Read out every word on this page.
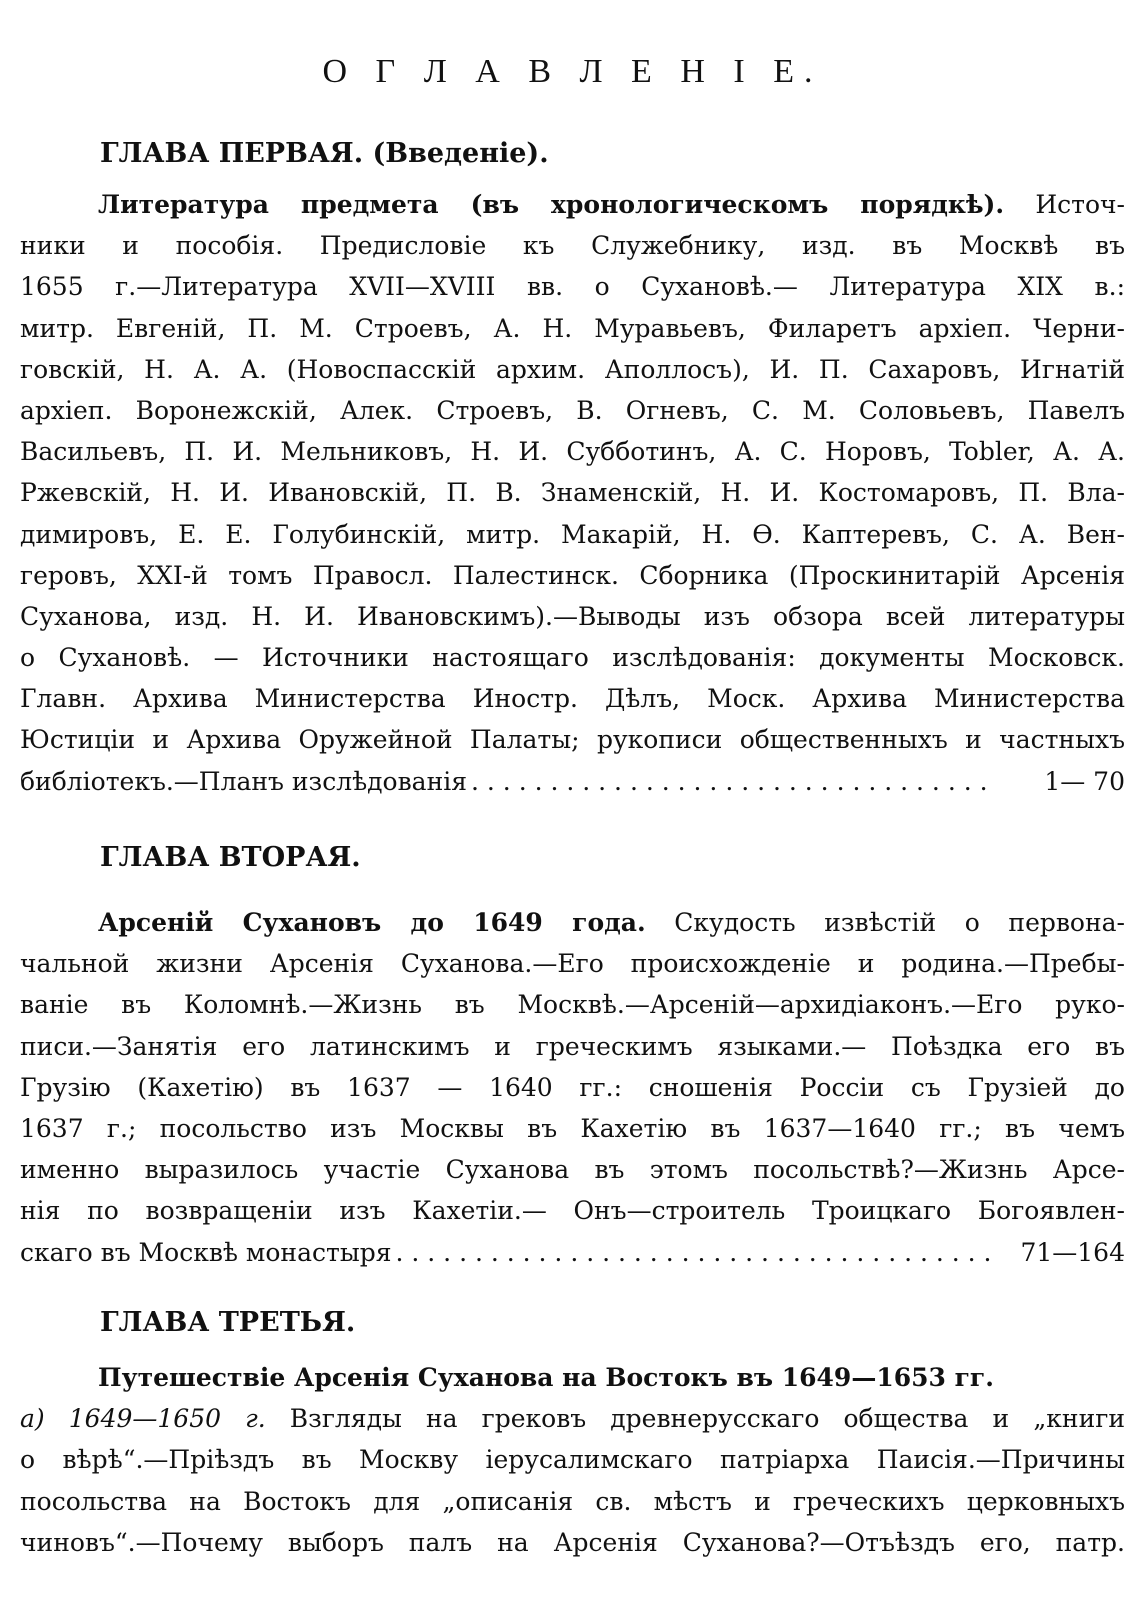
О Г Л А В Л Е Н І Е.
ГЛАВА ПЕРВАЯ. (Введеніе).
Литература предмета (въ хронологическомъ порядкѣ). Источ-
ники и пособія. Предисловіе къ Служебнику, изд. въ Москвѣ въ
1655 г.—Литература XVII—XVIII вв. о Сухановѣ.— Литература XIX в.:
митр. Евгеній, П. М. Строевъ, А. Н. Муравьевъ, Филаретъ архіеп. Черни-
говскій, Н. А. А. (Новоспасскій архим. Аполлосъ), И. П. Сахаровъ, Игнатій
архіеп. Воронежскій, Алек. Строевъ, В. Огневъ, С. М. Соловьевъ, Павелъ
Васильевъ, П. И. Мельниковъ, Н. И. Субботинъ, А. С. Норовъ, Tobler, А. А.
Ржевскій, Н. И. Ивановскій, П. В. Знаменскій, Н. И. Костомаровъ, П. Вла-
димировъ, Е. Е. Голубинскій, митр. Макарій, Н. Ѳ. Каптеревъ, С. А. Вен-
геровъ, XXI-й томъ Правосл. Палестинск. Сборника (Проскинитарій Арсенія
Суханова, изд. Н. И. Ивановскимъ).—Выводы изъ обзора всей литературы
о Сухановѣ. — Источники настоящаго изслѣдованія: документы Московск.
Главн. Архива Министерства Иностр. Дѣлъ, Моск. Архива Министерства
Юстиціи и Архива Оружейной Палаты; рукописи общественныхъ и частныхъ
библіотекъ.—Планъ изслѣдованія . . .	1— 70
ГЛАВА ВТОРАЯ.
Арсеній Сухановъ до 1649 года. Скудость извѣстій о первона-
чальной жизни Арсенія Суханова.—Его происхожденіе и родина.—Пребы-
ваніе въ Коломнѣ.—Жизнь въ Москвѣ.—Арсеній—архидіаконъ.—Его руко-
писи.—Занятія его латинскимъ и греческимъ языками.— Поѣздка его въ
Грузію (Кахетію) въ 1637 — 1640 гг.: сношенія Россіи съ Грузіей до
1637 г.; посольство изъ Москвы въ Кахетію въ 1637—1640 гг.; въ чемъ
именно выразилось участіе Суханова въ этомъ посольствѣ?—Жизнь Арсе-
нія по возвращеніи изъ Кахетіи.— Онъ—строитель Троицкаго Богоявлен-
скаго въ Москвѣ монастыря . . .	71—164
ГЛАВА ТРЕТЬЯ.
Путешествіе Арсенія Суханова на Востокъ въ 1649—1653 гг.
а) 1649—1650 г. Взгляды на грековъ древнерусскаго общества и „книги
о вѣрѣ“.—Пріѣздъ въ Москву іерусалимскаго патріарха Паисія.—Причины
посольства на Востокъ для „описанія св. мѣстъ и греческихъ церковныхъ
чиновъ“.—Почему выборъ палъ на Арсенія Суханова?—Отъѣздъ его, патр.
